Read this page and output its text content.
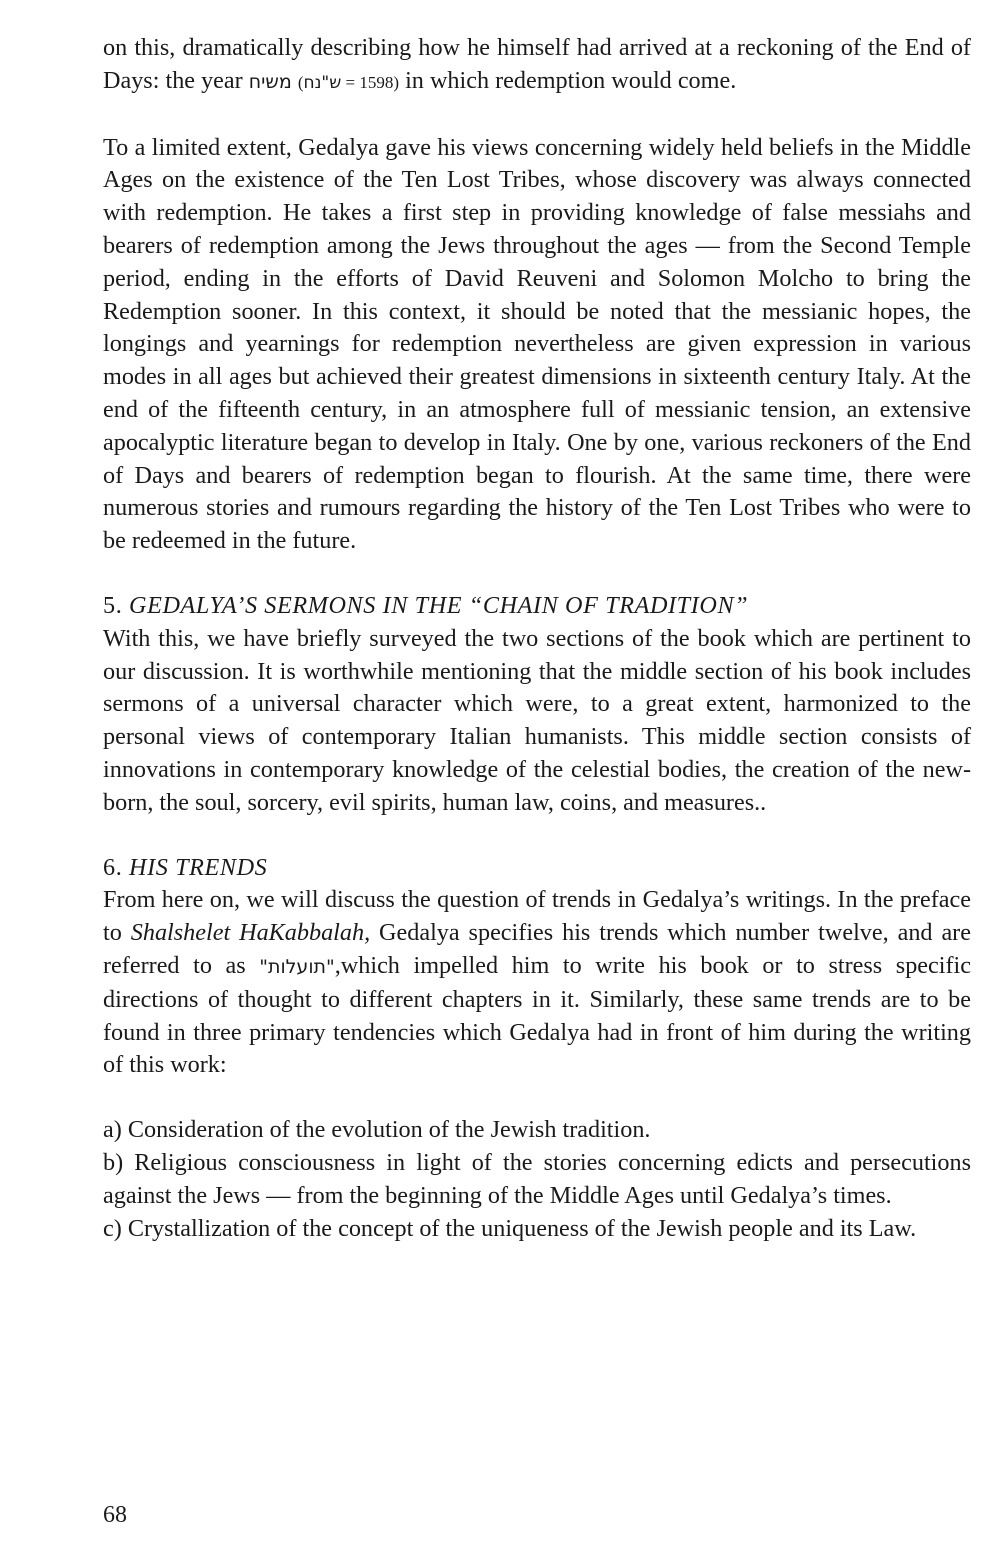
on this, dramatically describing how he himself had arrived at a reckoning of the End of Days: the year משיח (ש"נח = 1598) in which redemption would come.

To a limited extent, Gedalya gave his views concerning widely held beliefs in the Middle Ages on the existence of the Ten Lost Tribes, whose discovery was always connected with redemption. He takes a first step in providing knowledge of false messiahs and bearers of redemption among the Jews throughout the ages — from the Second Temple period, ending in the efforts of David Reuveni and Solomon Molcho to bring the Redemption sooner. In this context, it should be noted that the messianic hopes, the longings and yearnings for redemption nevertheless are given expression in various modes in all ages but achieved their greatest dimensions in sixteenth century Italy. At the end of the fifteenth century, in an atmosphere full of messianic tension, an extensive apocalyptic literature began to develop in Italy. One by one, various reckoners of the End of Days and bearers of redemption began to flourish. At the same time, there were numerous stories and rumours regarding the history of the Ten Lost Tribes who were to be redeemed in the future.

5. GEDALYA’S SERMONS IN THE “CHAIN OF TRADITION”

With this, we have briefly surveyed the two sections of the book which are pertinent to our discussion. It is worthwhile mentioning that the middle section of his book includes sermons of a universal character which were, to a great extent, harmonized to the personal views of contemporary Italian humanists. This middle section consists of innovations in contemporary knowledge of the celestial bodies, the creation of the new-born, the soul, sorcery, evil spirits, human law, coins, and measures..

6. HIS TRENDS

From here on, we will discuss the question of trends in Gedalya’s writings. In the preface to Shalshelet HaKabbalah, Gedalya specifies his trends which number twelve, and are referred to as "תועלות",which impelled him to write his book or to stress specific directions of thought to different chapters in it. Similarly, these same trends are to be found in three primary tendencies which Gedalya had in front of him during the writing of this work:

a) Consideration of the evolution of the Jewish tradition.
b) Religious consciousness in light of the stories concerning edicts and persecutions against the Jews — from the beginning of the Middle Ages until Gedalya’s times.
c) Crystallization of the concept of the uniqueness of the Jewish people and its Law.
68
